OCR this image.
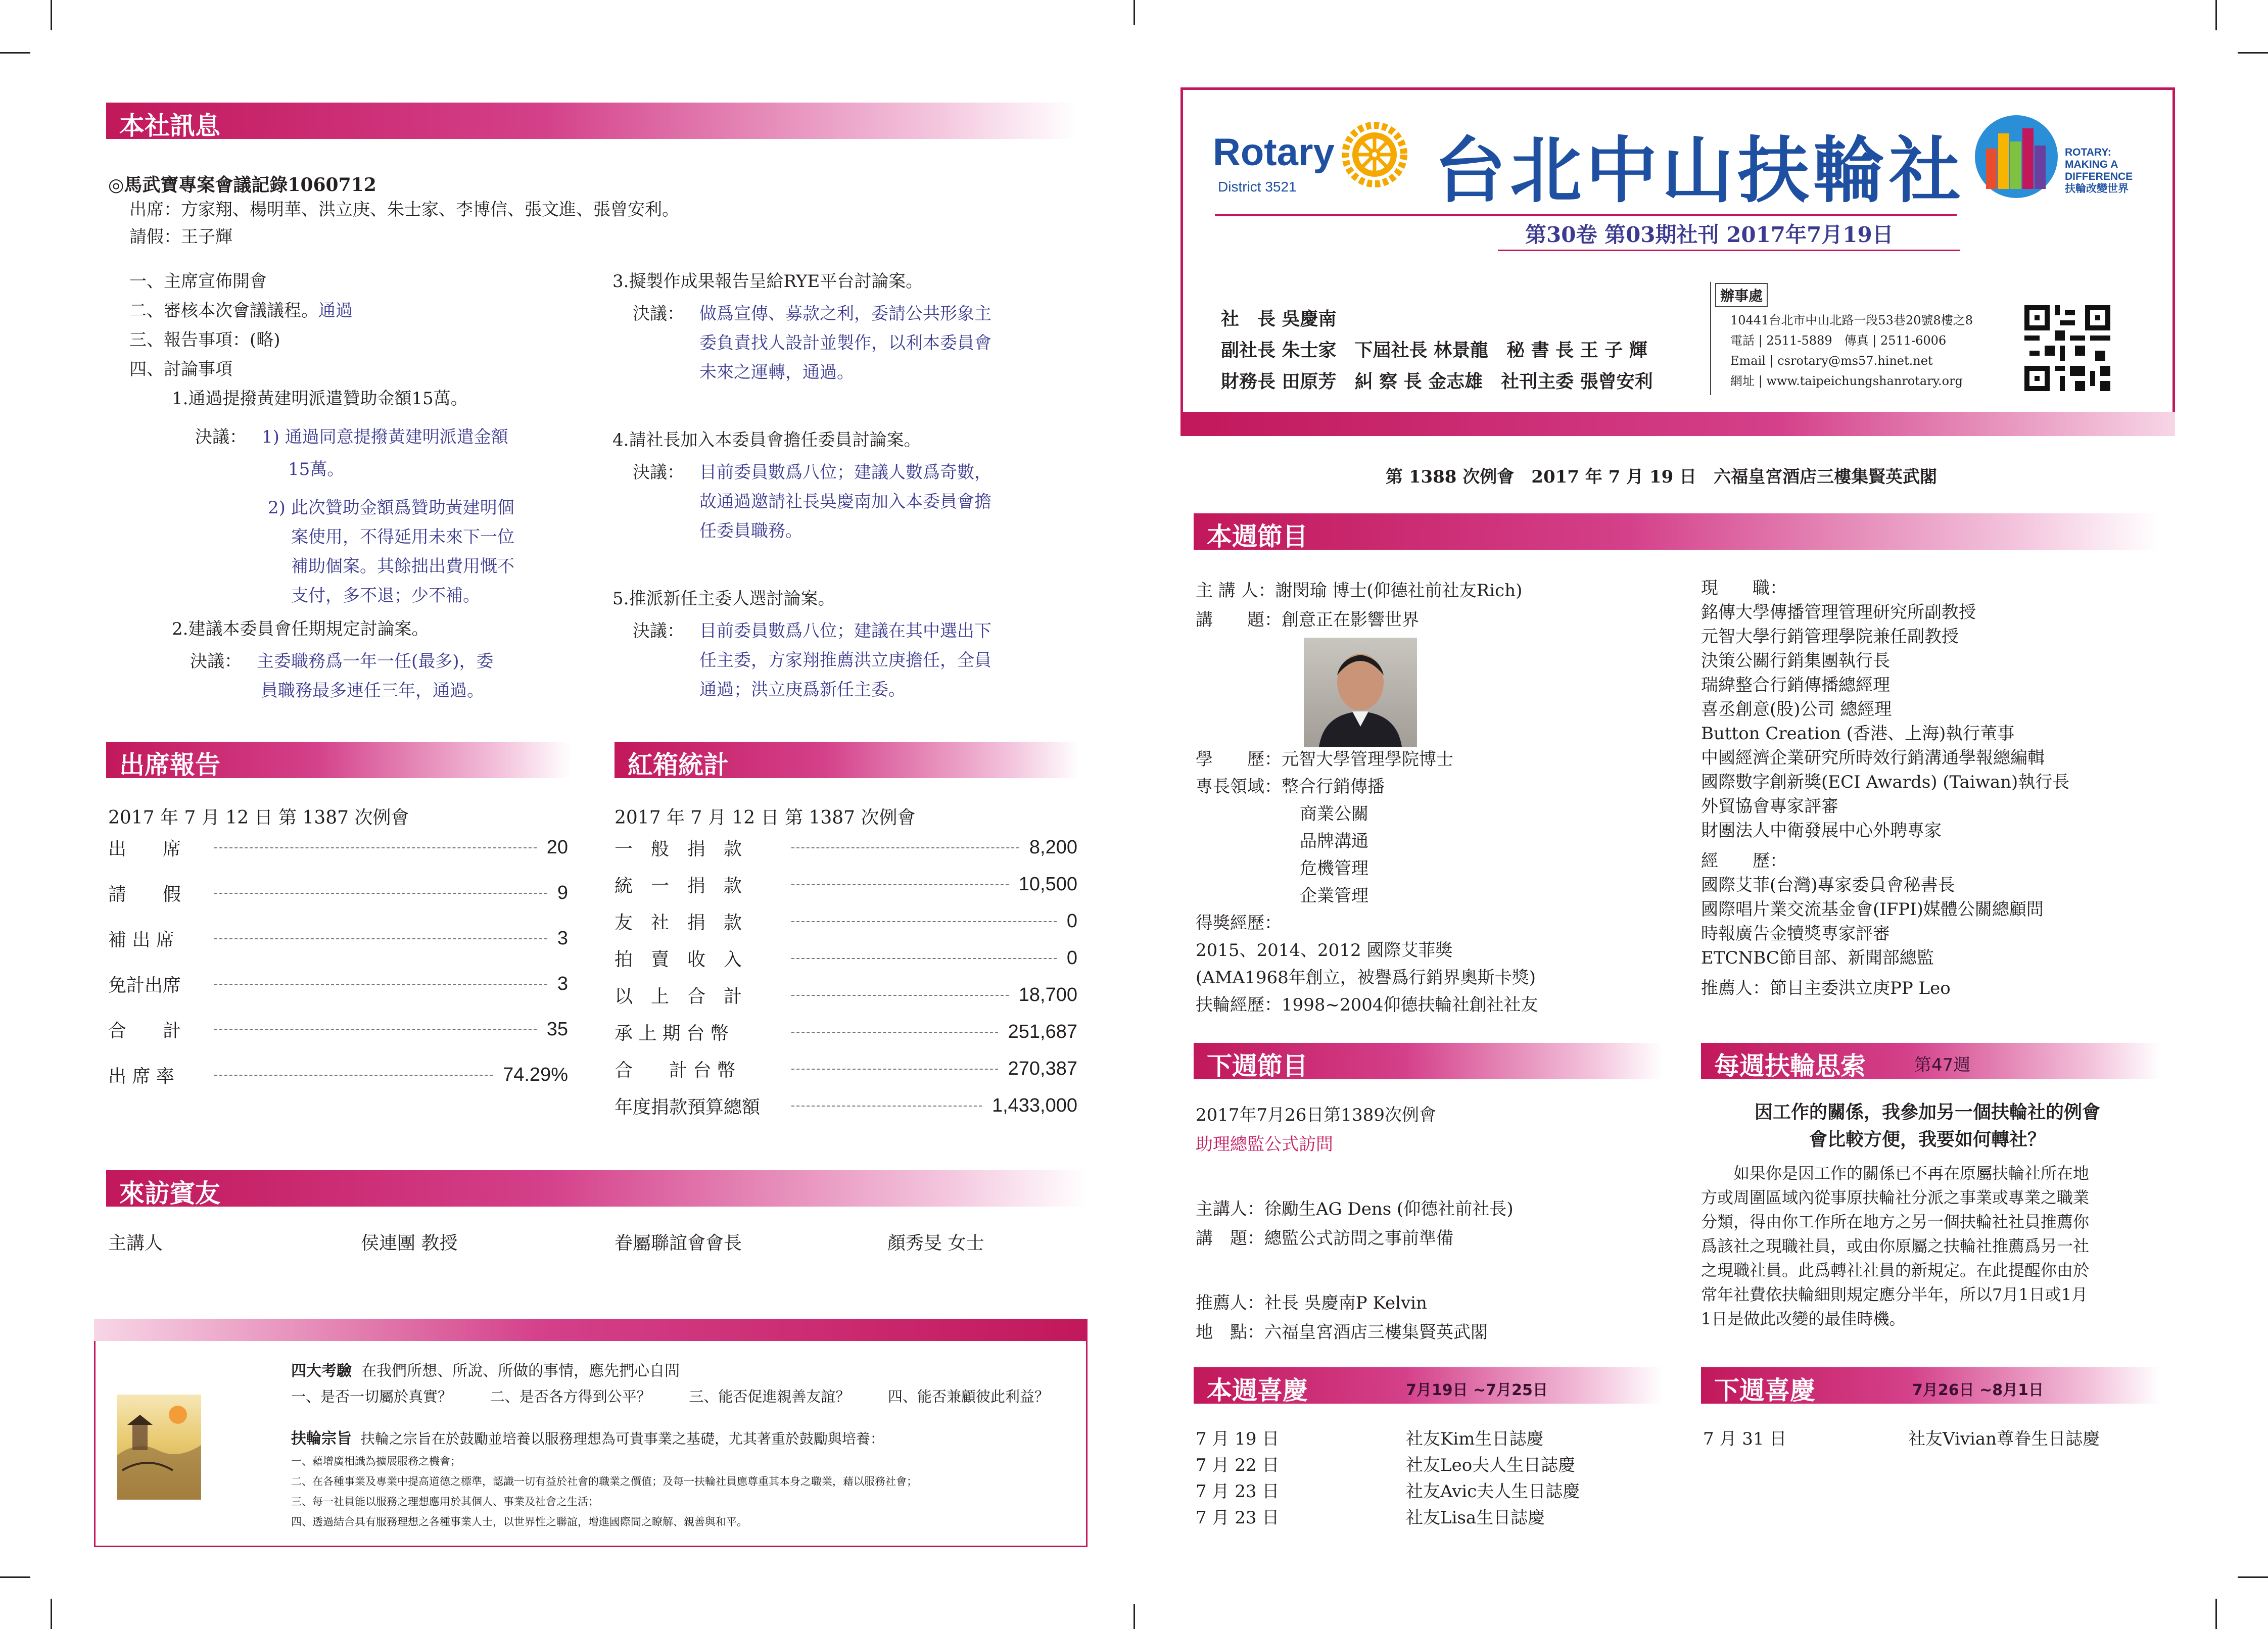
本社訊息
◎馬武寶專案會議記錄1060712
出席：方家翔、楊明華、洪立庚、朱士家、李博信、張文進、張曾安利。
請假：王子輝
一、主席宣佈開會
二、審核本次會議議程。通過
三、報告事項：(略)
四、討論事項
1.通過提撥黃建明派遣贊助金額15萬。
決議： 1) 通過同意提撥黃建明派遣金額
15萬。
2) 此次贊助金額爲贊助黃建明個
案使用，不得延用未來下一位
補助個案。其餘拙出費用慨不
支付，多不退；少不補。
2.建議本委員會任期規定討論案。
決議： 主委職務爲一年一任(最多)，委
員職務最多連任三年，通過。
3.擬製作成果報告呈給RYE平台討論案。
決議： 做爲宣傳、募款之利，委請公共形象主
委負責找人設計並製作，以利本委員會
未來之運轉，通過。
4.請社長加入本委員會擔任委員討論案。
決議： 目前委員數爲八位；建議人數爲奇數，
故通過邀請社長吳慶南加入本委員會擔
任委員職務。
5.推派新任主委人選討論案。
決議： 目前委員數爲八位；建議在其中選出下
任主委，方家翔推薦洪立庚擔任，全員
通過；洪立庚爲新任主委。
出席報告
2017 年 7 月 12 日 第 1387 次例會
出　　席	20
請　　假	9
補 出 席	3
免計出席	3
合　　計	35
出 席 率	74.29%
紅箱統計
2017 年 7 月 12 日 第 1387 次例會
一　般　捐　款	8,200
統　一　捐　款	10,500
友　社　捐　款	0
拍　賣　收　入	0
以　上　合　計	18,700
承 上 期 台 幣	251,687
合　　計 台 幣	270,387
年度捐款預算總額	1,433,000
來訪賓友
主講人	侯連團 教授	眷屬聯誼會會長	顏秀旻 女士
四大考驗 在我們所想、所說、所做的事情，應先捫心自問
一、是否一切屬於真實？	二、是否各方得到公平？	三、能否促進親善友誼？	四、能否兼顧彼此利益？
扶輪宗旨 扶輪之宗旨在於鼓勵並培養以服務理想為可貴事業之基礎，尤其著重於鼓勵與培養：
一、藉增廣相識為擴展服務之機會；
二、在各種事業及專業中提高道德之標準，認識一切有益於社會的職業之價值；及每一扶輪社員應尊重其本身之職業，藉以服務社會；
三、每一社員能以服務之理想應用於其個人、事業及社會之生活；
四、透過結合具有服務理想之各種事業人士，以世界性之聯誼，增進國際間之瞭解、親善與和平。
Rotary
District 3521 台北中山扶輪社	ROTARY:
MAKING A
DIFFERENCE
扶輪改變世界
第30卷 第03期社刊 2017年7月19日
社　長 吳慶南
副社長 朱士家　下屆社長 林景龍　秘 書 長 王 子 輝
財務長 田原芳　糾 察 長 金志雄　社刊主委 張曾安利
辦事處
10441台北市中山北路一段53巷20號8樓之8
電話 | 2511-5889　傳真 | 2511-6006
Email | csrotary@ms57.hinet.net
網址 | www.taipeichungshanrotary.org
第 1388 次例會　2017 年 7 月 19 日　六福皇宮酒店三樓集賢英武閣
本週節目
主 講 人：謝閔瑜 博士(仰德社前社友Rich)
講　　題：創意正在影響世界
學　　歷：元智大學管理學院博士
專長領域：整合行銷傳播
商業公關
品牌溝通
危機管理
企業管理
得獎經歷：
2015、2014、2012 國際艾菲獎
(AMA1968年創立，被譽爲行銷界奧斯卡獎)
扶輪經歷：1998~2004仰德扶輪社創社社友
現　　職：
銘傳大學傳播管理管理研究所副教授
元智大學行銷管理學院兼任副教授
決策公關行銷集團執行長
瑞緯整合行銷傳播總經理
喜丞創意(股)公司 總經理
Button Creation (香港、上海)執行董事
中國經濟企業研究所時效行銷溝通學報總編輯
國際數字創新獎(ECI Awards) (Taiwan)執行長
外貿協會專家評審
財團法人中衛發展中心外聘專家
經　　歷：
國際艾菲(台灣)專家委員會秘書長
國際唱片業交流基金會(IFPI)媒體公關總顧問
時報廣告金犢獎專家評審
ETCNBC節目部、新聞部總監
推薦人：節目主委洪立庚PP Leo
下週節目
2017年7月26日第1389次例會
助理總監公式訪問
主講人：徐勵生AG Dens (仰德社前社長)
講　題：總監公式訪問之事前準備
推薦人：社長 吳慶南P Kelvin
地　點：六福皇宮酒店三樓集賢英武閣
每週扶輪思索	第47週
因工作的關係，我參加另一個扶輪社的例會
會比較方便，我要如何轉社？
如果你是因工作的關係已不再在原屬扶輪社所在地
方或周圍區域內從事原扶輪社分派之事業或專業之職業
分類，得由你工作所在地方之另一個扶輪社社員推薦你
爲該社之現職社員，或由你原屬之扶輪社推薦爲另一社
之現職社員。此爲轉社社員的新規定。在此提醒你由於
常年社費依扶輪細則規定應分半年，所以7月1日或1月
1日是做此改變的最佳時機。
本週喜慶	7月19日 ~7月25日
7 月 19 日	社友Kim生日誌慶
7 月 22 日	社友Leo夫人生日誌慶
7 月 23 日	社友Avic夫人生日誌慶
7 月 23 日	社友Lisa生日誌慶
下週喜慶	7月26日 ~8月1日
7 月 31 日	社友Vivian尊眷生日誌慶
